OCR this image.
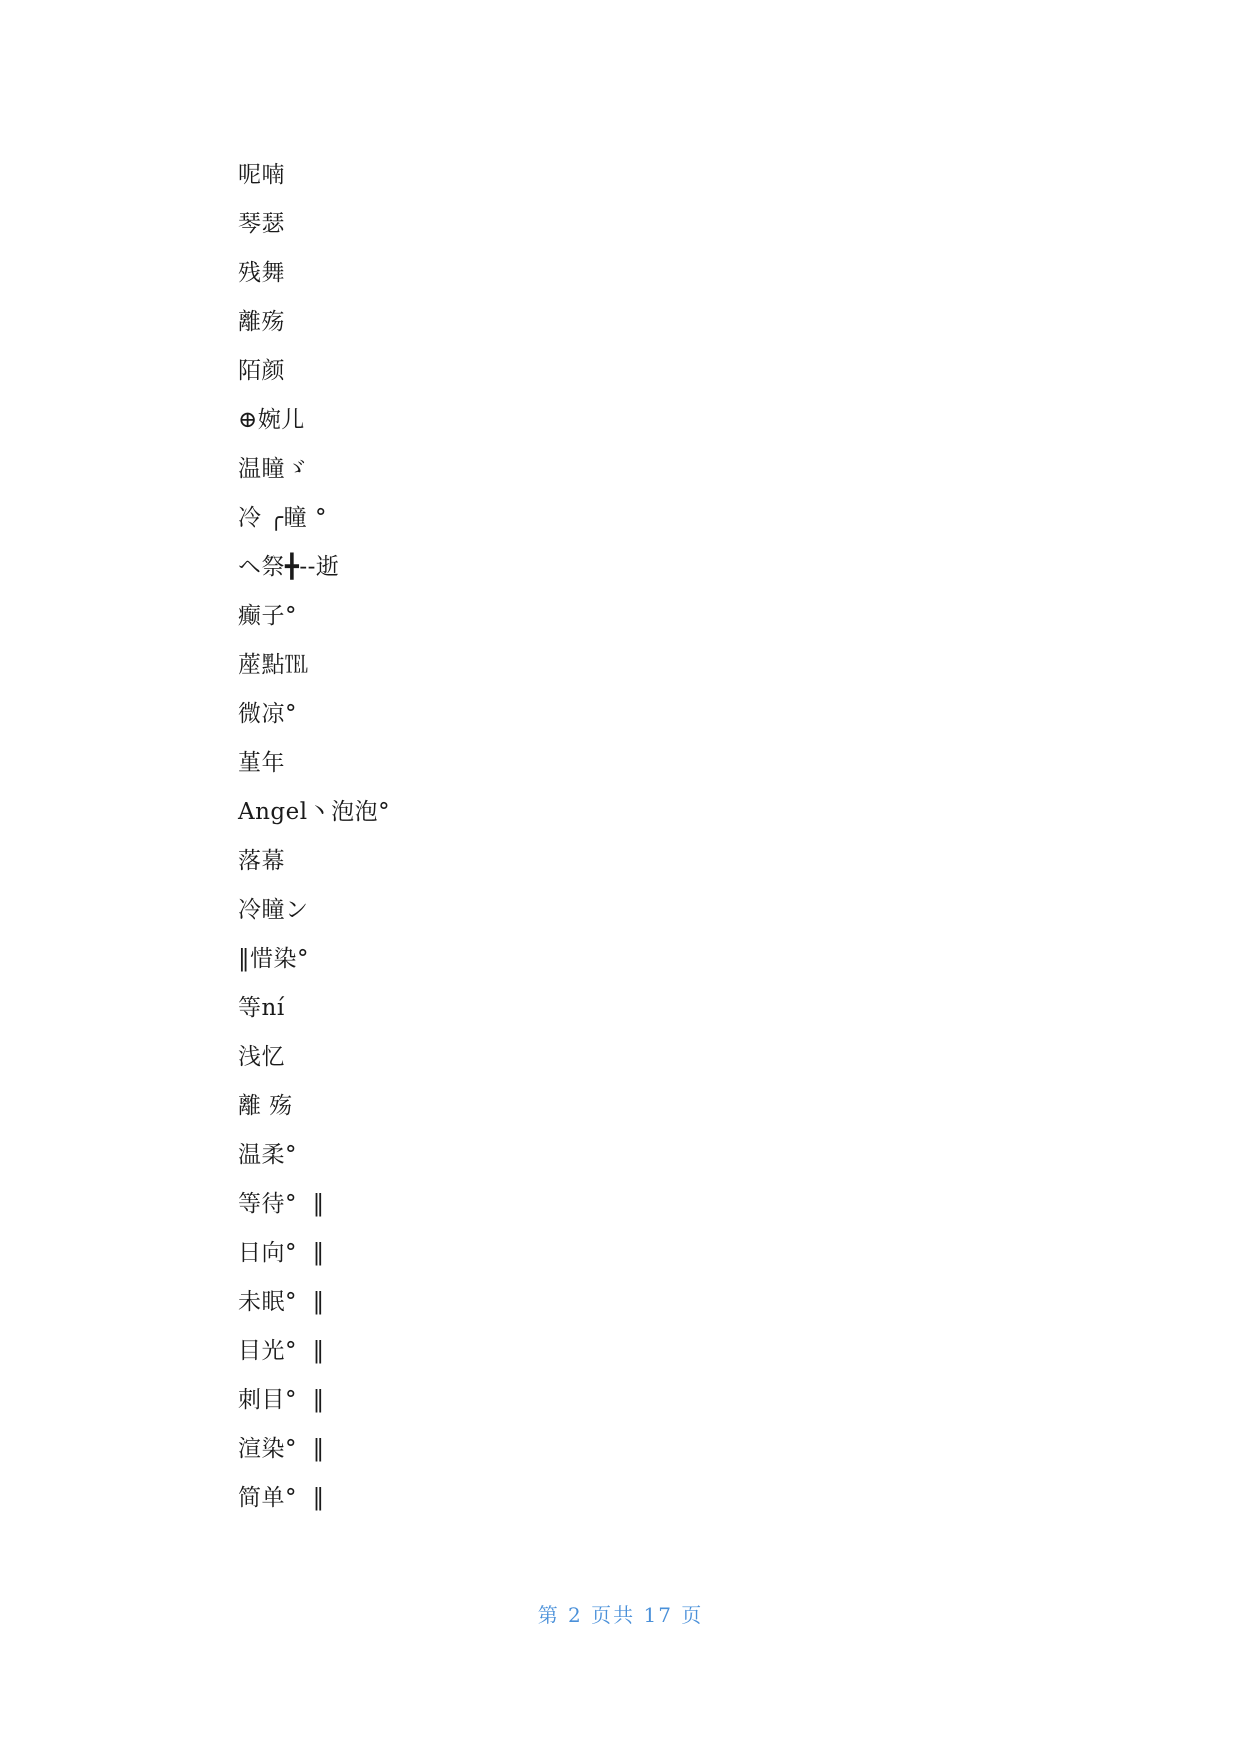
呢喃
琴瑟
残舞
離殇
陌颜
⊕婉儿
温瞳ゞ
冷 ╭瞳 °
ヘ祭╋--逝
癫子°
蓙點℡
微凉°
堇年
Angel丶泡泡°
落幕
冷瞳ン
‖惜染°
等ní
浅忆
離 殇
温柔°
等待°  ‖
日向°  ‖
未眠°  ‖
目光°  ‖
刺目°  ‖
渲染°  ‖
简单°  ‖
第 2 页共 17 页
